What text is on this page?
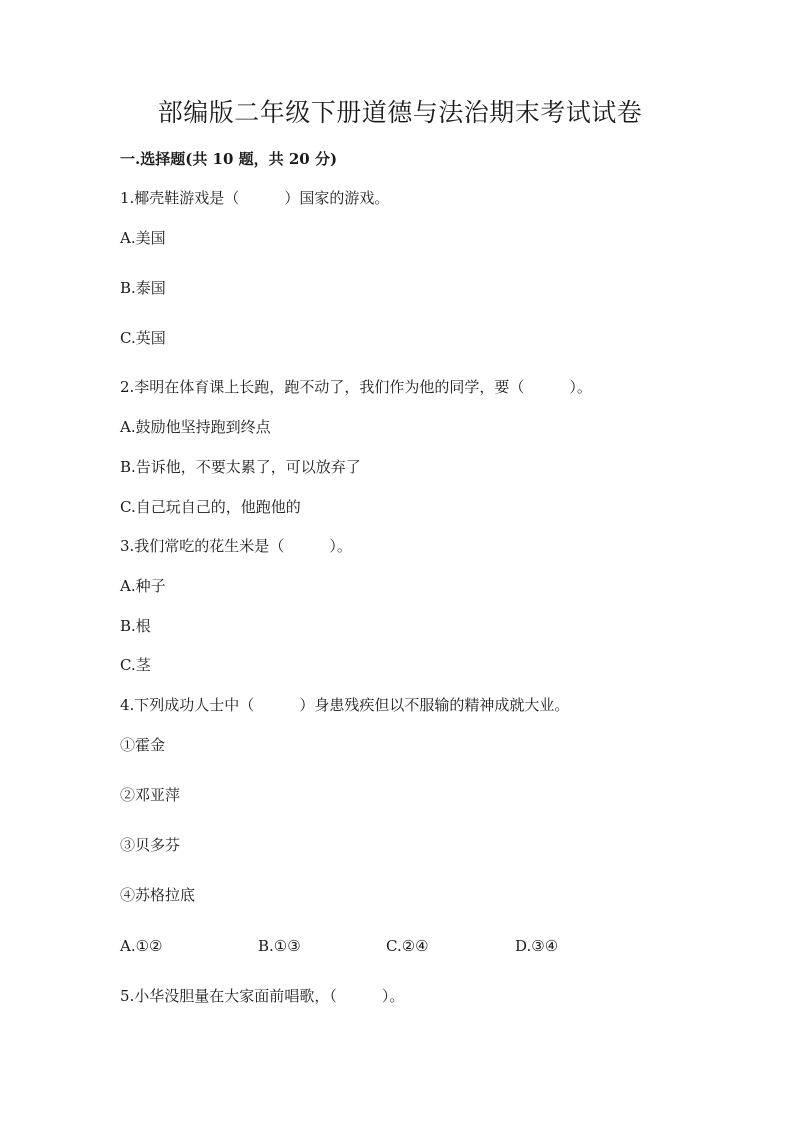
部编版二年级下册道德与法治期末考试试卷
一.选择题(共 10 题，共 20 分)
1.椰壳鞋游戏是（　　　）国家的游戏。
A.美国
B.泰国
C.英国
2.李明在体育课上长跑，跑不动了，我们作为他的同学，要（　　　）。
A.鼓励他坚持跑到终点
B.告诉他，不要太累了，可以放弃了
C.自己玩自己的，他跑他的
3.我们常吃的花生米是（　　　）。
A.种子
B.根
C.茎
4.下列成功人士中（　　　）身患残疾但以不服输的精神成就大业。
①霍金
②邓亚萍
③贝多芬
④苏格拉底
A.①②	B.①③	C.②④	D.③④
5.小华没胆量在大家面前唱歌，（　　　）。
